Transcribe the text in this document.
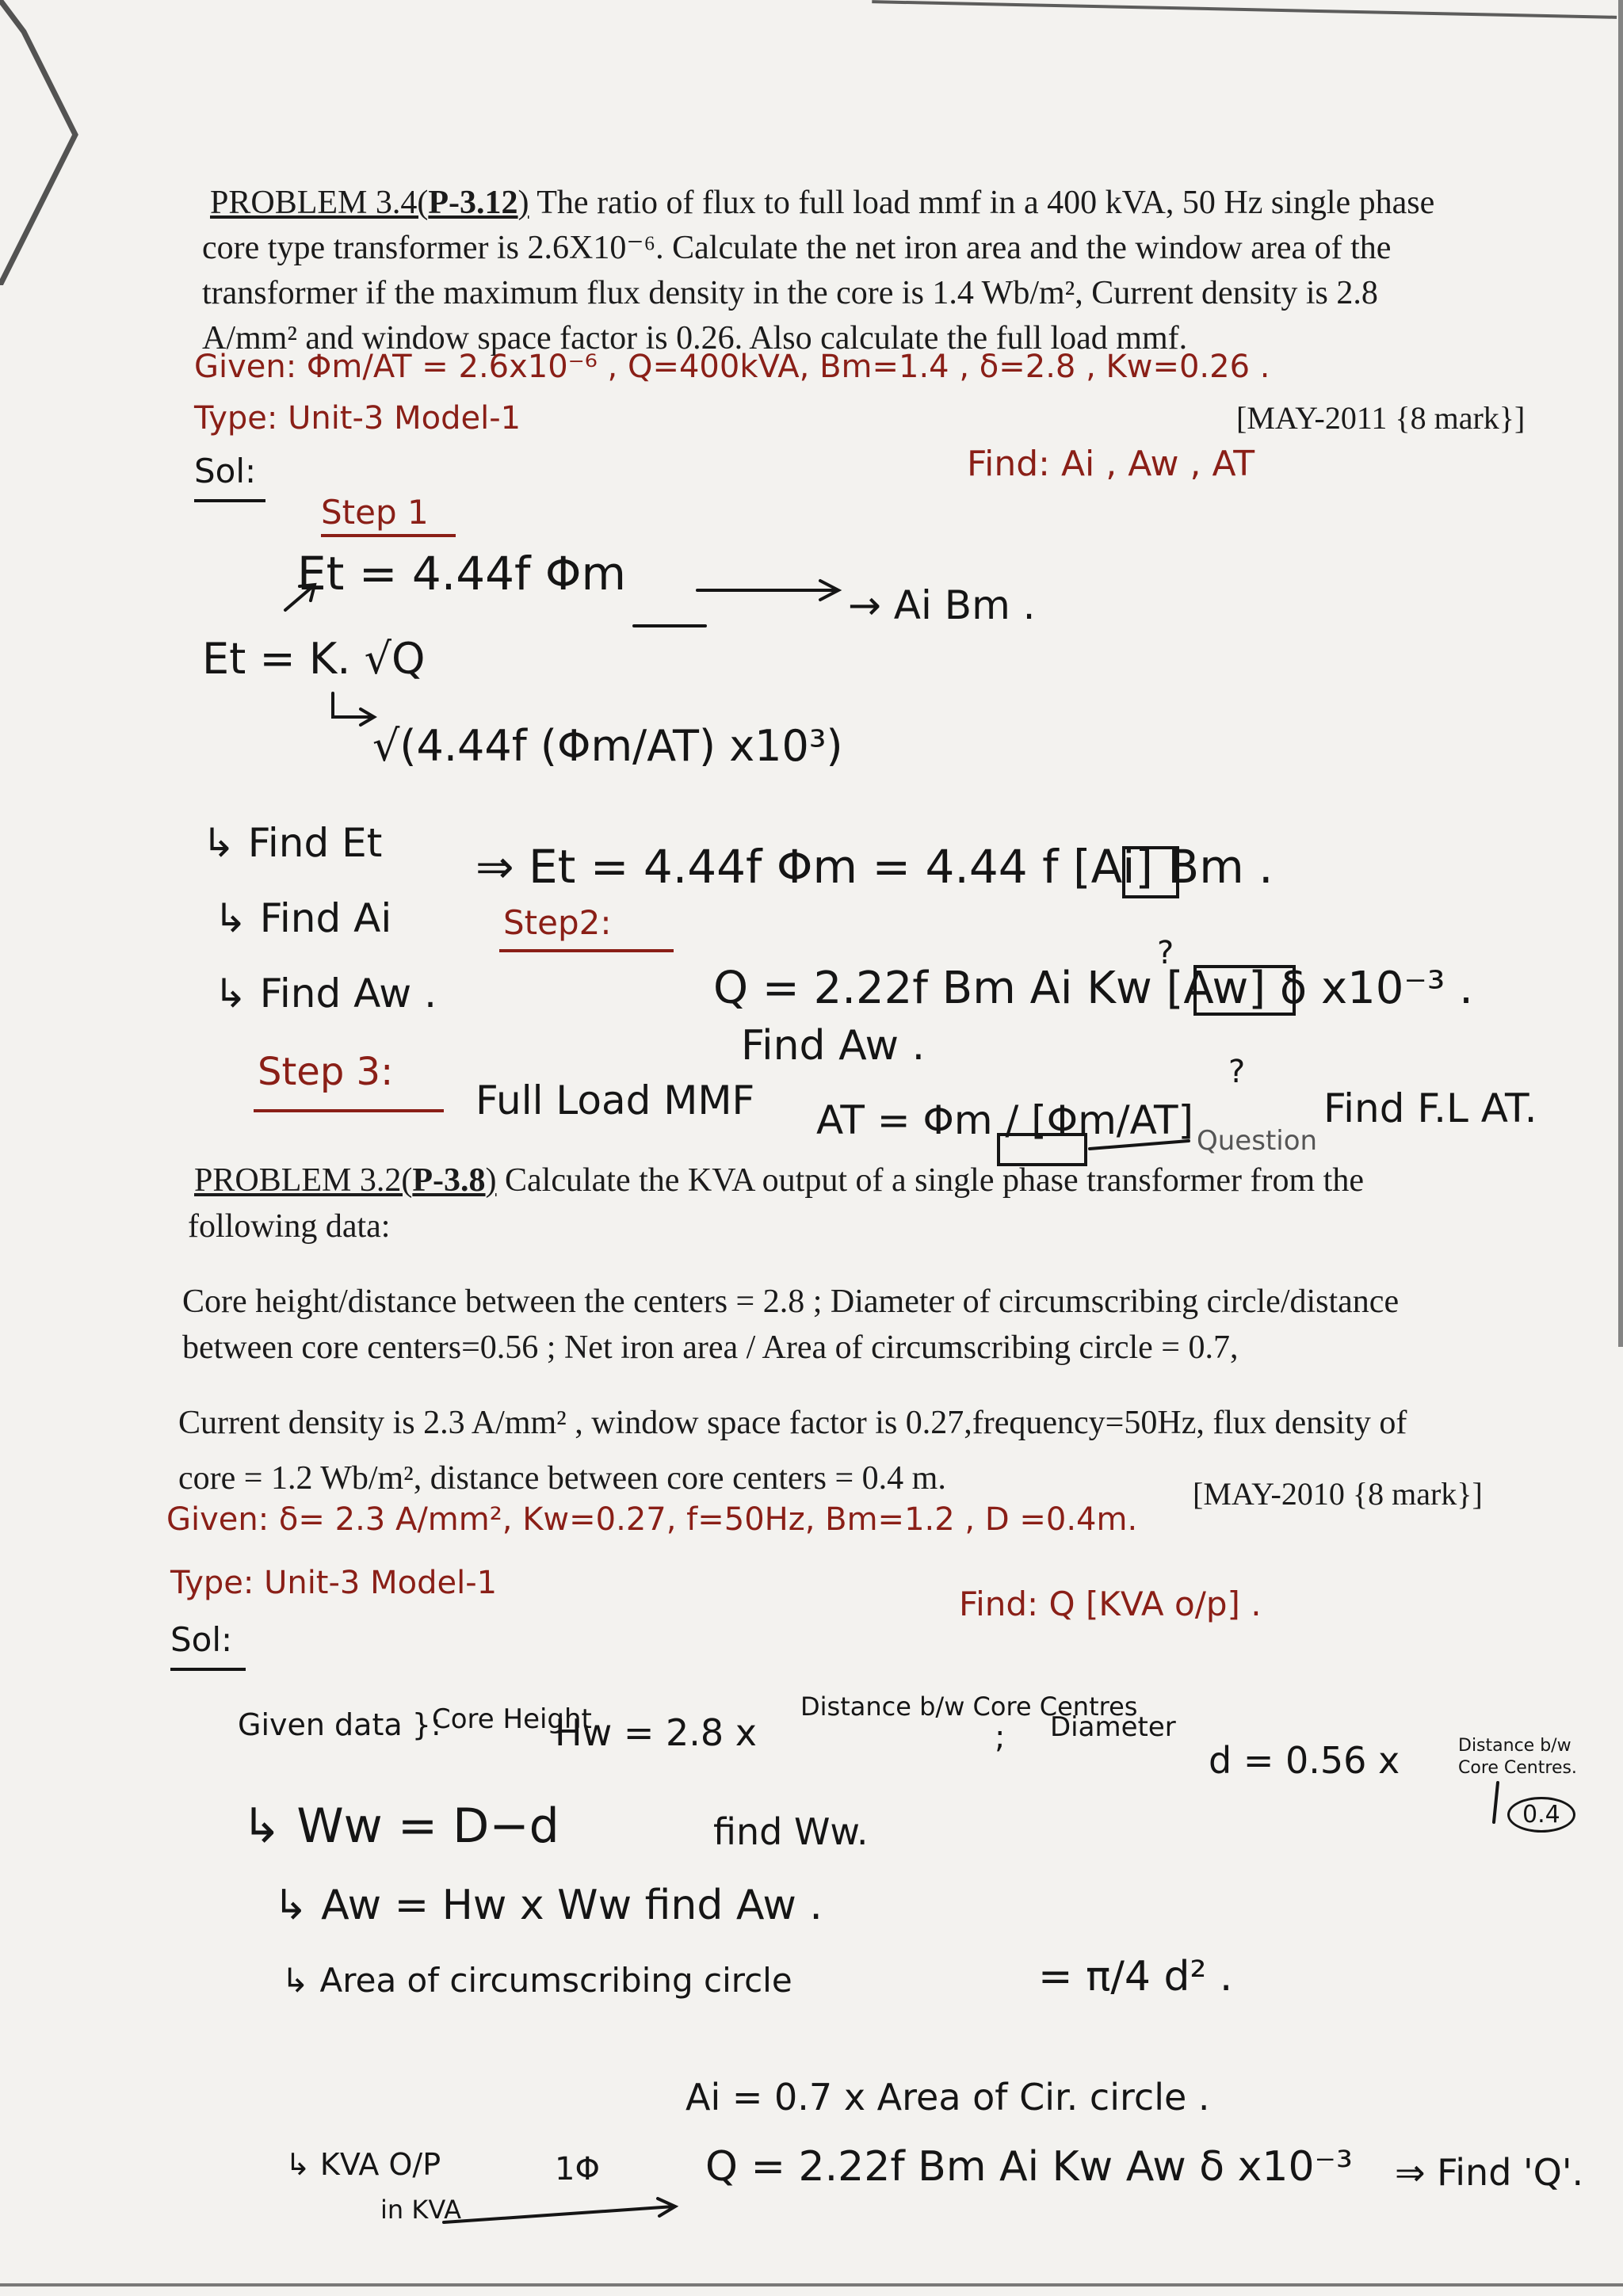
PROBLEM 3.4(P-3.12) The ratio of flux to full load mmf in a 400 kVA, 50 Hz single phase
core type transformer is 2.6X10⁻⁶. Calculate the net iron area and the window area of the
transformer if the maximum flux density in the core is 1.4 Wb/m², Current density is 2.8
A/mm² and window space factor is 0.26. Also calculate the full load mmf.
[MAY-2011 {8 mark}]
Given: Φm/AT = 2.6x10⁻⁶ , Q=400kVA, Bm=1.4 , δ=2.8 , Kw=0.26 .
Type: Unit-3 Model-1
Find: Ai , Aw , AT
Sol:
Step 1
Et = 4.44f Φm
→ Ai Bm .
Et = K. √Q
√(4.44f (Φm/AT) x10³)
↳ Find Et
↳ Find Ai
↳ Find Aw .
Step2:
⇒ Et = 4.44f Φm = 4.44 f [Ai] Bm .
?
Q = 2.22f Bm Ai Kw [Aw] δ x10⁻³ .
Find Aw .
?
Step 3:
Full Load MMF AT = Φm / [Φm/AT] Question
Find F.L AT.
PROBLEM 3.2(P-3.8) Calculate the KVA output of a single phase transformer from the
following data:
Core height/distance between the centers = 2.8 ; Diameter of circumscribing circle/distance
between core centers=0.56 ; Net iron area / Area of circumscribing circle = 0.7,
Current density is 2.3 A/mm² , window space factor is 0.27,frequency=50Hz, flux density of
core = 1.2 Wb/m², distance between core centers = 0.4 m.	[MAY-2010 {8 mark}]
Given: δ= 2.3 A/mm², Kw=0.27, f=50Hz, Bm=1.2 , D =0.4m.
Type: Unit-3 Model-1
Find: Q [KVA o/p] .
Sol:
Given data }:
Core Height
Hw = 2.8 x
Distance b/w Core Centres
; Diameter
d = 0.56 x	Distance b/w Core Centres.
0.4
↳ Ww = D−d	find Ww.
↳ Aw = Hw x Ww find Aw .
↳ Area of circumscribing circle	= π/4 d² .
Ai = 0.7 x Area of Cir. circle .
↳ KVA O/P
in KVA
1Φ	Q = 2.22f Bm Ai Kw Aw δ x10⁻³ ⇒ Find 'Q'.
